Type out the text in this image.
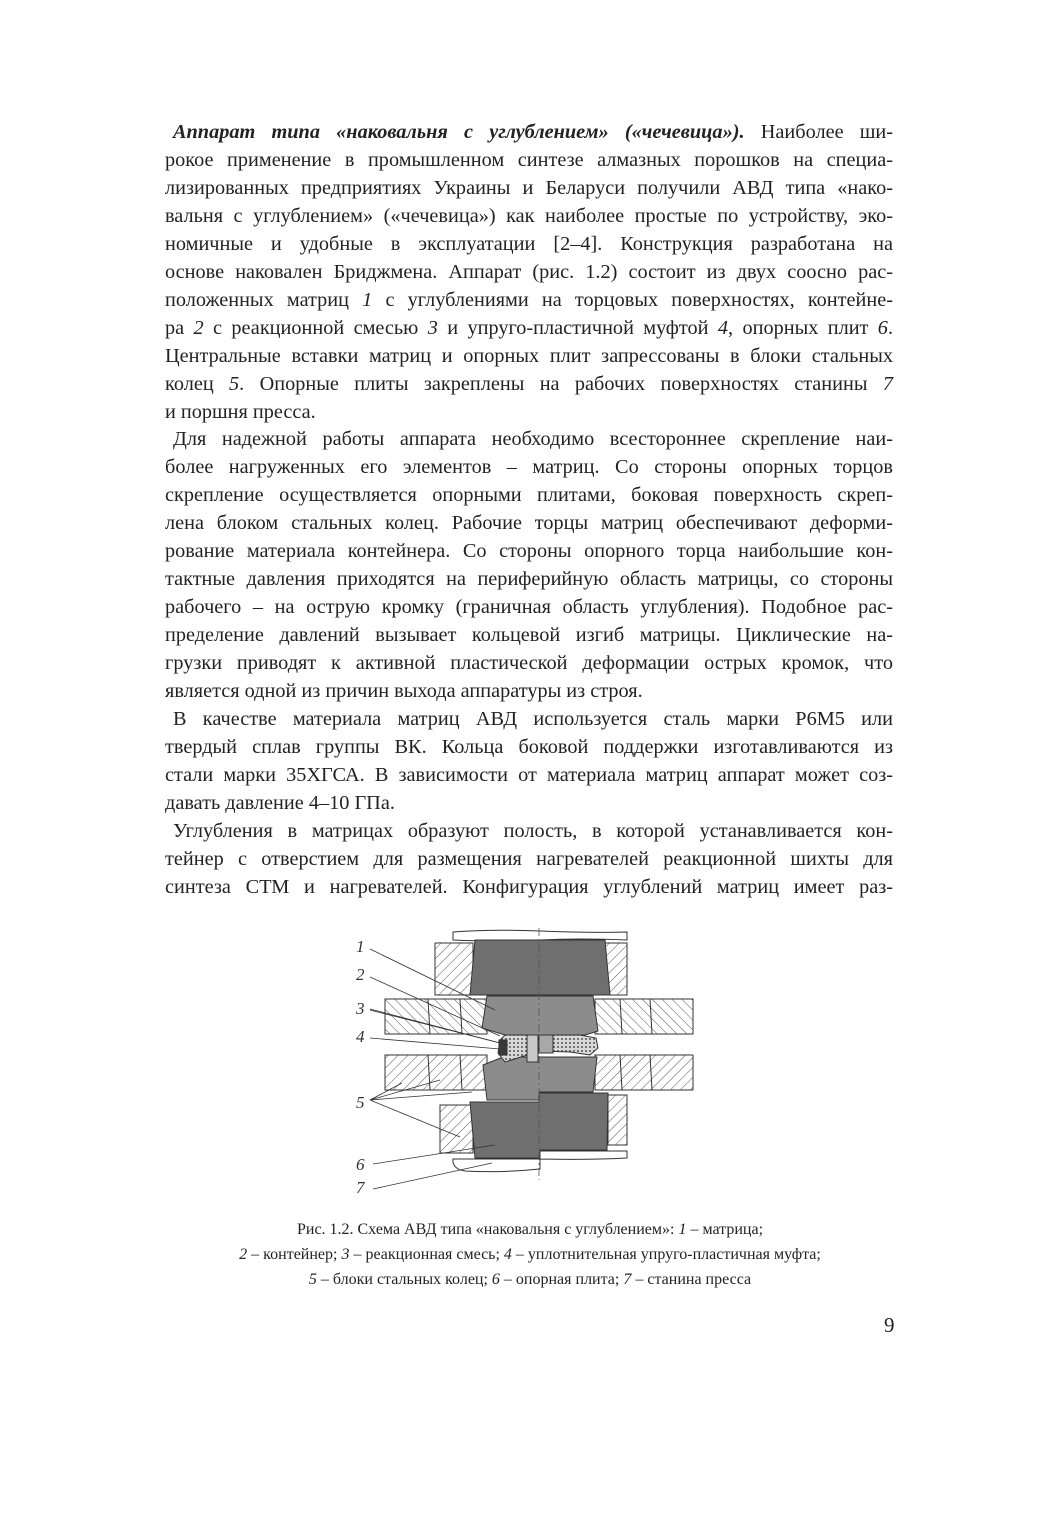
Аппарат типа «наковальня с углублением» («чечевица»). Наиболее ши-
рокое применение в промышленном синтезе алмазных порошков на специа-
лизированных предприятиях Украины и Беларуси получили АВД типа «нако-
вальня с углублением» («чечевица») как наиболее простые по устройству, эко-
номичные и удобные в эксплуатации [2–4]. Конструкция разработана на
основе наковален Бриджмена. Аппарат (рис. 1.2) состоит из двух соосно рас-
положенных матриц 1 с углублениями на торцовых поверхностях, контейне-
ра 2 с реакционной смесью 3 и упруго-пластичной муфтой 4, опорных плит 6.
Центральные вставки матриц и опорных плит запрессованы в блоки стальных
колец 5. Опорные плиты закреплены на рабочих поверхностях станины 7
и поршня пресса.
Для надежной работы аппарата необходимо всестороннее скрепление наи-
более нагруженных его элементов – матриц. Со стороны опорных торцов
скрепление осуществляется опорными плитами, боковая поверхность скреп-
лена блоком стальных колец. Рабочие торцы матриц обеспечивают деформи-
рование материала контейнера. Со стороны опорного торца наибольшие кон-
тактные давления приходятся на периферийную область матрицы, со стороны
рабочего – на острую кромку (граничная область углубления). Подобное рас-
пределение давлений вызывает кольцевой изгиб матрицы. Циклические на-
грузки приводят к активной пластической деформации острых кромок, что
является одной из причин выхода аппаратуры из строя.
В качестве материала матриц АВД используется сталь марки Р6М5 или
твердый сплав группы ВК. Кольца боковой поддержки изготавливаются из
стали марки 35ХГСА. В зависимости от материала матриц аппарат может соз-
давать давление 4–10 ГПа.
Углубления в матрицах образуют полость, в которой устанавливается кон-
тейнер с отверстием для размещения нагревателей реакционной шихты для
синтеза СТМ и нагревателей. Конфигурация углублений матриц имеет раз-
1
2
3
4
5
6
7
Рис. 1.2. Схема АВД типа «наковальня с углублением»: 1 – матрица;
2 – контейнер; 3 – реакционная смесь; 4 – уплотнительная упруго-пластичная муфта;
5 – блоки стальных колец; 6 – опорная плита; 7 – станина пресса
9
